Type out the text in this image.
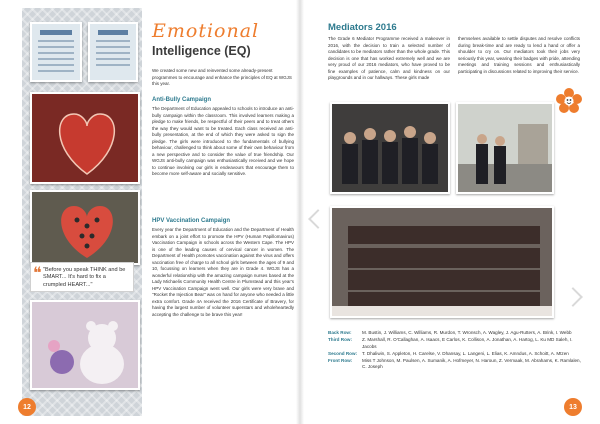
❝ "Before you speak THINK and be SMART... It's hard to fix a crumpled HEART..."
Emotional
Intelligence (EQ)
We created some new and reinvented some already-present programmes to encourage and enhance the principles of EQ at WGJS this year.
Anti-Bully Campaign
The Department of Education appealed to schools to introduce an anti-bully campaign within the classroom. This involved learners making a pledge to make friends, be respectful of their peers and to treat others the way they would want to be treated. Each class received an anti-bully presentation, at the end of which they were asked to sign the pledge. The girls were introduced to the fundamentals of bullying behaviour, challenged to think about some of their own behaviour from a new perspective and to consider the value of true friendship. Our WGJS anti-bully campaign was enthusiastically received and we hope to continue involving our girls in endeavours that encourage them to become more self-aware and socially sensitive.
HPV Vaccination Campaign
Every year the Department of Education and the Department of Health embark on a joint effort to promote the HPV (Human Papillomavirus) Vaccination Campaign in schools across the Western Cape. The HPV is one of the leading causes of cervical cancer in women. The Department of Health promotes vaccination against the virus and offers vaccination free of charge to all school girls between the ages of 9 and 10, focussing on learners when they are in Grade 4. WGJS has a wonderful relationship with the amazing campaign nurses based at the Lady Michaelis Community Health Centre in Plumstead and this year's HPV Vaccination Campaign went well. Our girls were very brave and "Rocket the Injection Bear" was on hand for anyone who needed a little extra comfort. Grade 4A received the 2016 Certificate of Bravery, for having the largest number of volunteer superstars and wholeheartedly accepting the challenge to be brave this year!
12
Mediators 2016
The Grade 6 Mediator Programme received a makeover in 2016, with the decision to train a selected number of candidates to be mediators rather than the whole grade. This decision is one that has worked extremely well and we are very proud of our 2016 mediators, who have proved to be fine examples of patience, calm and kindness on our playgrounds and in our hallways. These girls made
themselves available to settle disputes and resolve conflicts during break-time and are ready to lend a hand or offer a shoulder to cry on. Our mediators took their jobs very seriously this year, wearing their badges with pride, attending meetings and training sessions and enthusiastically participating in discussions related to improving their service.
Back Row:	M. Bustin, J. Williams, C. Williams, R. Murdon, T. Wronsch, A. Wagley, J. Agu-Rutters, A. Brink, I. Webb
Third Row:	Z. Marshall, R. O'Callaghan, A. Isaacs, E Carlos, K. Collison, A. Jonathan, A. Hartog, L. Ku MD Saleh, I. Jacobs
Second Row:	T. Dhaliwin, S. Appleton, H. Carelse, V. Dhansay, L. Langeni, L. Elias, K. Amndus, A. Schoitt, A. Mtzen
Front Row:	Miss T Johnson, M. Paulsen, A. Sumanik, A. Hofmeyer, N. Haroun, Z. Vermaak, M. Abrahams, K. Ramlalen, C. Joseph
13
